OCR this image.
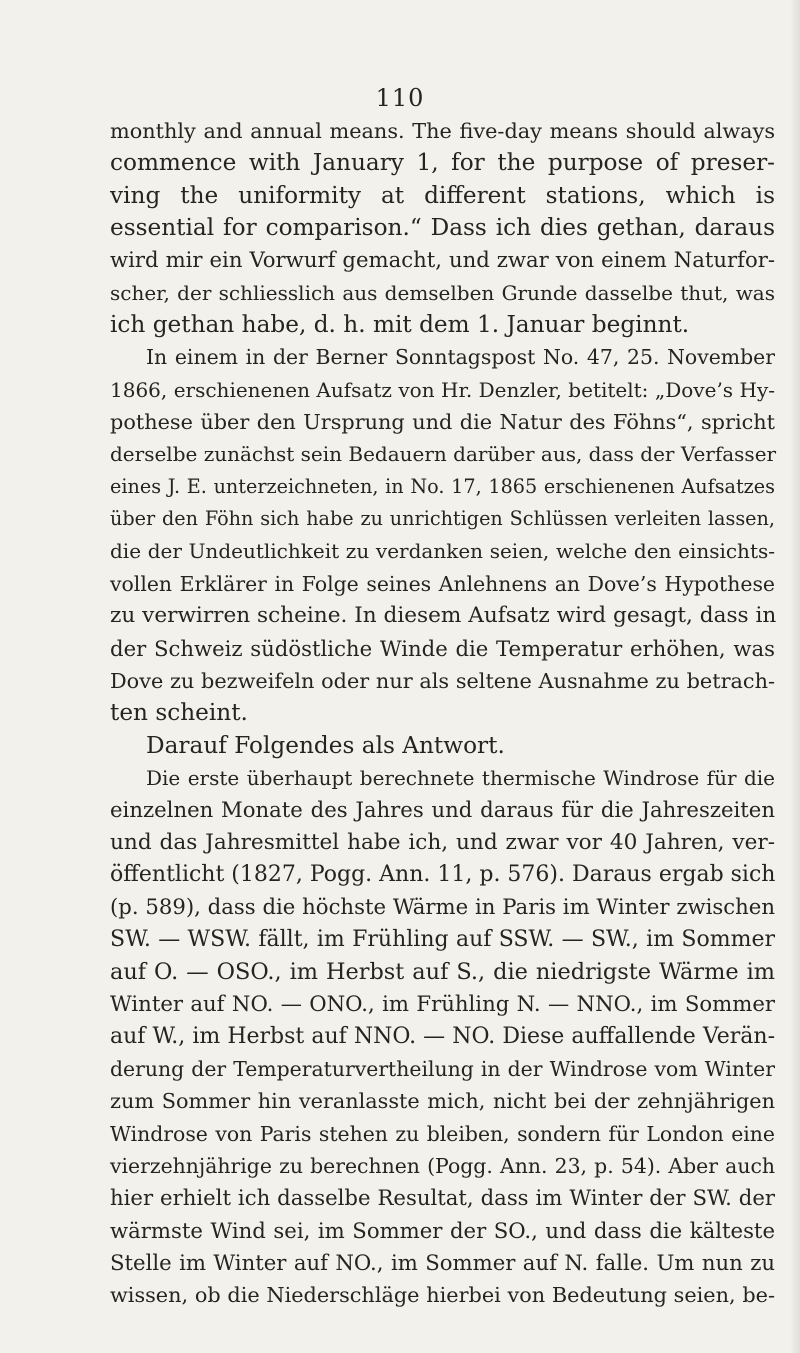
110
monthly and annual means. The five-day means should always
commence with January 1, for the purpose of preser-
ving the uniformity at different stations, which is
essential for comparison.“ Dass ich dies gethan, daraus
wird mir ein Vorwurf gemacht, und zwar von einem Naturfor-
scher, der schliesslich aus demselben Grunde dasselbe thut, was
ich gethan habe, d. h. mit dem 1. Januar beginnt.
In einem in der Berner Sonntagspost No. 47, 25. November
1866, erschienenen Aufsatz von Hr. Denzler, betitelt: „Dove’s Hy-
pothese über den Ursprung und die Natur des Föhns“, spricht
derselbe zunächst sein Bedauern darüber aus, dass der Verfasser
eines J. E. unterzeichneten, in No. 17, 1865 erschienenen Aufsatzes
über den Föhn sich habe zu unrichtigen Schlüssen verleiten lassen,
die der Undeutlichkeit zu verdanken seien, welche den einsichts-
vollen Erklärer in Folge seines Anlehnens an Dove’s Hypothese
zu verwirren scheine. In diesem Aufsatz wird gesagt, dass in
der Schweiz südöstliche Winde die Temperatur erhöhen, was
Dove zu bezweifeln oder nur als seltene Ausnahme zu betrach-
ten scheint.
Darauf Folgendes als Antwort.
Die erste überhaupt berechnete thermische Windrose für die
einzelnen Monate des Jahres und daraus für die Jahreszeiten
und das Jahresmittel habe ich, und zwar vor 40 Jahren, ver-
öffentlicht (1827, Pogg. Ann. 11, p. 576). Daraus ergab sich
(p. 589), dass die höchste Wärme in Paris im Winter zwischen
SW. — WSW. fällt, im Frühling auf SSW. — SW., im Sommer
auf O. — OSO., im Herbst auf S., die niedrigste Wärme im
Winter auf NO. — ONO., im Frühling N. — NNO., im Sommer
auf W., im Herbst auf NNO. — NO. Diese auffallende Verän-
derung der Temperaturvertheilung in der Windrose vom Winter
zum Sommer hin veranlasste mich, nicht bei der zehnjährigen
Windrose von Paris stehen zu bleiben, sondern für London eine
vierzehnjährige zu berechnen (Pogg. Ann. 23, p. 54). Aber auch
hier erhielt ich dasselbe Resultat, dass im Winter der SW. der
wärmste Wind sei, im Sommer der SO., und dass die kälteste
Stelle im Winter auf NO., im Sommer auf N. falle. Um nun zu
wissen, ob die Niederschläge hierbei von Bedeutung seien, be-
